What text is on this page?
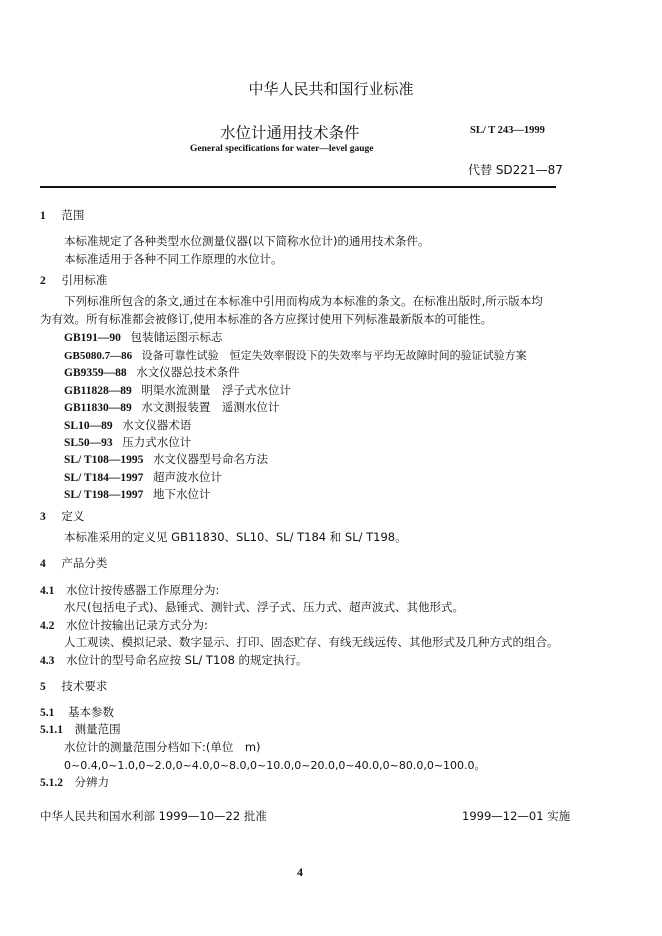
中华人民共和国行业标准
水位计通用技术条件	SL/ T 243—1999
General specifications for water—level gauge
代替 SD221—87
1 范围
本标准规定了各种类型水位测量仪器(以下简称水位计)的通用技术条件。
本标准适用于各种不同工作原理的水位计。
2 引用标准
下列标准所包含的条文,通过在本标准中引用而构成为本标准的条文。在标准出版时,所示版本均
为有效。所有标准都会被修订,使用本标准的各方应探讨使用下列标准最新版本的可能性。
GB191—90 包装储运图示标志
GB5080.7—86 设备可靠性试验　恒定失效率假设下的失效率与平均无故障时间的验证试验方案
GB9359—88 水文仪器总技术条件
GB11828—89 明渠水流测量　浮子式水位计
GB11830—89 水文测报装置　遥测水位计
SL10—89 水文仪器术语
SL50—93 压力式水位计
SL/ T108—1995 水文仪器型号命名方法
SL/ T184—1997 超声波水位计
SL/ T198—1997 地下水位计
3 定义
本标准采用的定义见 GB11830、SL10、SL/ T184 和 SL/ T198。
4 产品分类
4.1 水位计按传感器工作原理分为:
水尺(包括电子式)、悬锤式、测针式、浮子式、压力式、超声波式、其他形式。
4.2 水位计按输出记录方式分为:
人工观读、模拟记录、数字显示、打印、固态贮存、有线无线远传、其他形式及几种方式的组合。
4.3 水位计的型号命名应按 SL/ T108 的规定执行。
5 技术要求
5.1 基本参数
5.1.1 测量范围
水位计的测量范围分档如下:(单位　m)
0~0.4,0~1.0,0~2.0,0~4.0,0~8.0,0~10.0,0~20.0,0~40.0,0~80.0,0~100.0。
5.1.2 分辨力
中华人民共和国水利部 1999—10—22 批准	1999—12—01 实施
4
